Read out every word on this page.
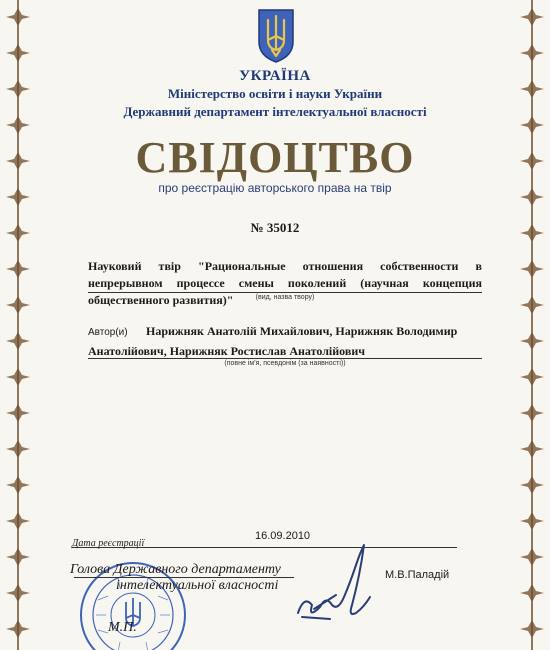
УКРАЇНА
Міністерство освіти і науки України
Державний департамент інтелектуальної власності
СВІДОЦТВО
про реєстрацію авторського права на твір
№ 35012
Науковий твір "Рациональные отношения собственности в непрерывном процессе смены поколений (научная концепция общественного развития)"	(вид, назва твору)
Автор(и) Нарижняк Анатолій Михайлович, Нарижняк Володимир Анатолійович, Нарижняк Ростислав Анатолійович
(повне ім'я, псевдонім (за наявності))
16.09.2010
Дата реєстрації
Голова Державного департаменту
інтелектуальної власності
М.В.Паладій
М.П.
